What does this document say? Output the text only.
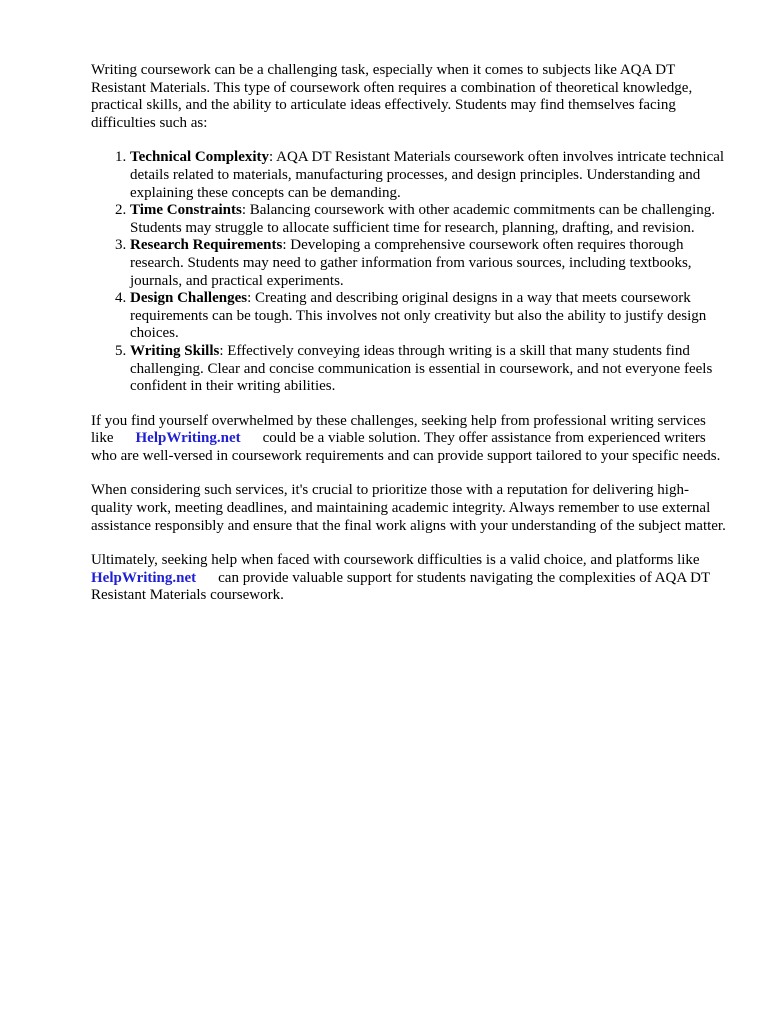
Writing coursework can be a challenging task, especially when it comes to subjects like AQA DT Resistant Materials. This type of coursework often requires a combination of theoretical knowledge, practical skills, and the ability to articulate ideas effectively. Students may find themselves facing difficulties such as:

1. Technical Complexity: AQA DT Resistant Materials coursework often involves intricate technical details related to materials, manufacturing processes, and design principles. Understanding and explaining these concepts can be demanding.
2. Time Constraints: Balancing coursework with other academic commitments can be challenging. Students may struggle to allocate sufficient time for research, planning, drafting, and revision.
3. Research Requirements: Developing a comprehensive coursework often requires thorough research. Students may need to gather information from various sources, including textbooks, journals, and practical experiments.
4. Design Challenges: Creating and describing original designs in a way that meets coursework requirements can be tough. This involves not only creativity but also the ability to justify design choices.
5. Writing Skills: Effectively conveying ideas through writing is a skill that many students find challenging. Clear and concise communication is essential in coursework, and not everyone feels confident in their writing abilities.

If you find yourself overwhelmed by these challenges, seeking help from professional writing services like HelpWriting.net could be a viable solution. They offer assistance from experienced writers who are well-versed in coursework requirements and can provide support tailored to your specific needs.

When considering such services, it's crucial to prioritize those with a reputation for delivering high-quality work, meeting deadlines, and maintaining academic integrity. Always remember to use external assistance responsibly and ensure that the final work aligns with your understanding of the subject matter.

Ultimately, seeking help when faced with coursework difficulties is a valid choice, and platforms likeHelpWriting.net can provide valuable support for students navigating the complexities of AQA DT Resistant Materials coursework.
